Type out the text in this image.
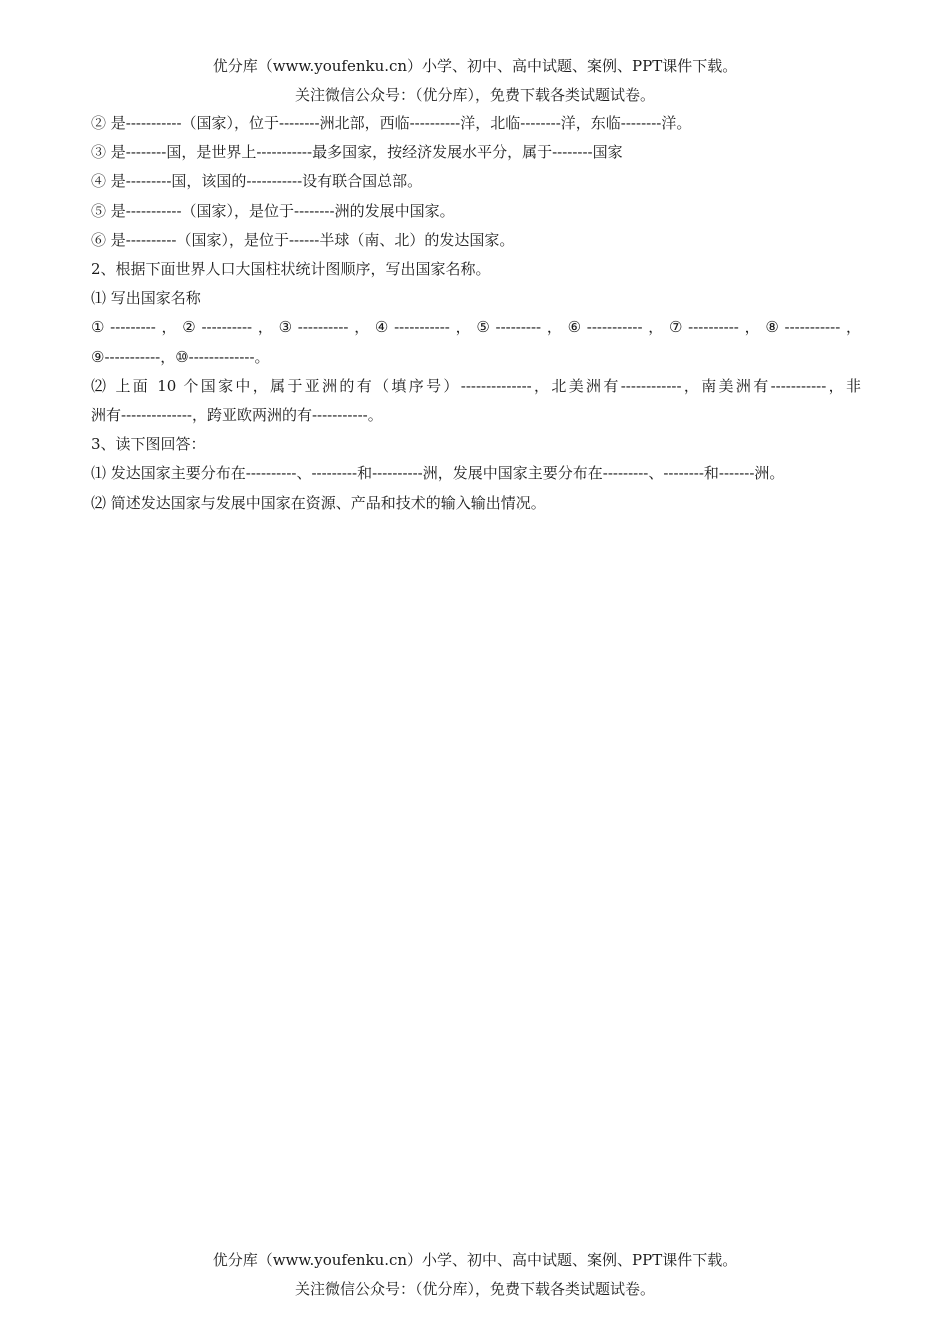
优分库（www.youfenku.cn）小学、初中、高中试题、案例、PPT课件下载。
关注微信公众号：（优分库），免费下载各类试题试卷。
② 是-----------（国家），位于--------洲北部，西临----------洋，北临--------洋，东临--------洋。
③ 是--------国，是世界上-----------最多国家，按经济发展水平分，属于--------国家
④ 是---------国，该国的-----------设有联合国总部。
⑤ 是-----------（国家），是位于--------洲的发展中国家。
⑥ 是----------（国家），是位于------半球（南、北）的发达国家。
2、根据下面世界人口大国柱状统计图顺序，写出国家名称。
⑴ 写出国家名称
①---------，②----------，③----------，④-----------，⑤---------，⑥-----------，⑦----------，⑧-----------，
⑨-----------，⑩-------------。
⑵ 上面 10 个国家中，属于亚洲的有（填序号）--------------，北美洲有------------，南美洲有-----------，非
洲有--------------，跨亚欧两洲的有-----------。
3、读下图回答：
⑴ 发达国家主要分布在----------、---------和----------洲，发展中国家主要分布在---------、--------和-------洲。
⑵ 简述发达国家与发展中国家在资源、产品和技术的输入输出情况。
优分库（www.youfenku.cn）小学、初中、高中试题、案例、PPT课件下载。
关注微信公众号：（优分库），免费下载各类试题试卷。
